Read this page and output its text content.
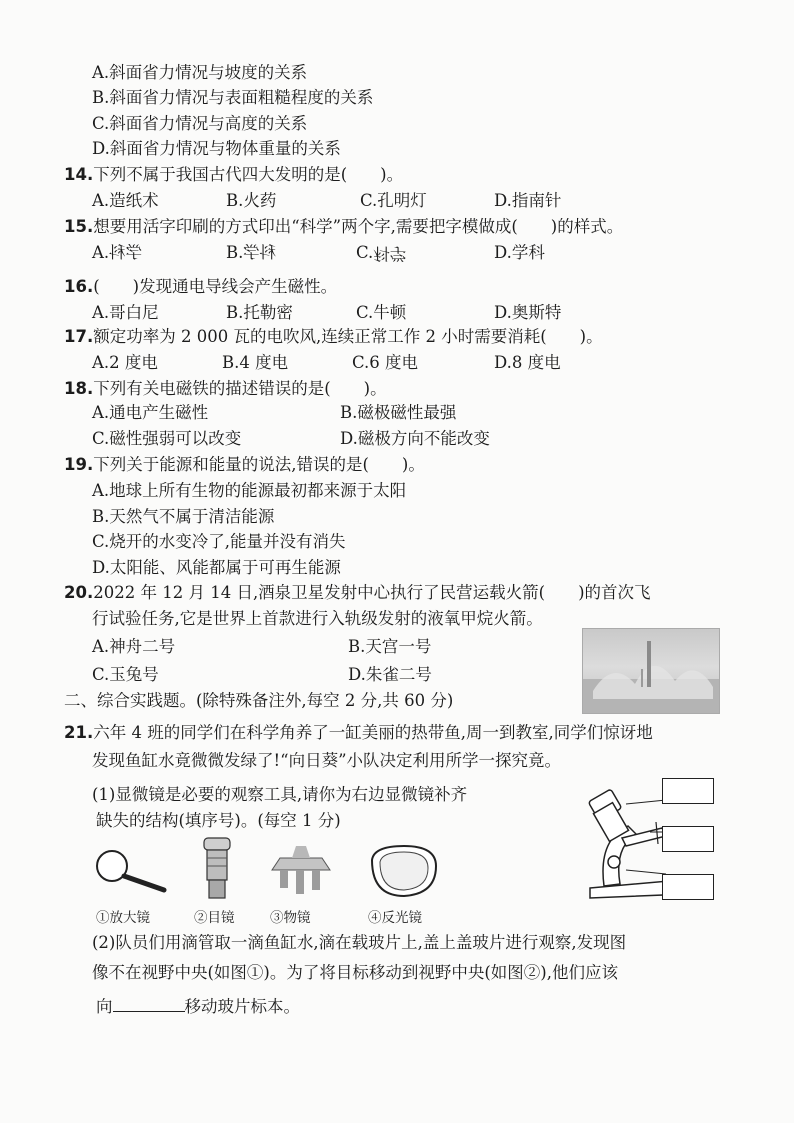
A.斜面省力情况与坡度的关系
B.斜面省力情况与表面粗糙程度的关系
C.斜面省力情况与高度的关系
D.斜面省力情况与物体重量的关系
14.下列不属于我国古代四大发明的是(　　)。
A.造纸术	B.火药	C.孔明灯	D.指南针
15.想要用活字印刷的方式印出“科学”两个字,需要把字模做成(　　)的样式。
A.学科	B.科学	C.科学	D.学科
16.(　　)发现通电导线会产生磁性。
A.哥白尼	B.托勒密	C.牛顿	D.奥斯特
17.额定功率为 2 000 瓦的电吹风,连续正常工作 2 小时需要消耗(　　)。
A.2 度电	B.4 度电	C.6 度电	D.8 度电
18.下列有关电磁铁的描述错误的是(　　)。
A.通电产生磁性	B.磁极磁性最强
C.磁性强弱可以改变	D.磁极方向不能改变
19.下列关于能源和能量的说法,错误的是(　　)。
A.地球上所有生物的能源最初都来源于太阳
B.天然气不属于清洁能源
C.烧开的水变冷了,能量并没有消失
D.太阳能、风能都属于可再生能源
20.2022 年 12 月 14 日,酒泉卫星发射中心执行了民营运载火箭(　　)的首次飞
行试验任务,它是世界上首款进行入轨级发射的液氧甲烷火箭。
A.神舟二号	B.天宫一号
C.玉兔号	D.朱雀二号
二、综合实践题。(除特殊备注外,每空 2 分,共 60 分)
21.六年 4 班的同学们在科学角养了一缸美丽的热带鱼,周一到教室,同学们惊讶地
发现鱼缸水竟微微发绿了!“向日葵”小队决定利用所学一探究竟。
(1)显微镜是必要的观察工具,请你为右边显微镜补齐
缺失的结构(填序号)。(每空 1 分)
①放大镜	②目镜	③物镜	④反光镜
(2)队员们用滴管取一滴鱼缸水,滴在载玻片上,盖上盖玻片进行观察,发现图
像不在视野中央(如图①)。为了将目标移动到视野中央(如图②),他们应该
向	移动玻片标本。
